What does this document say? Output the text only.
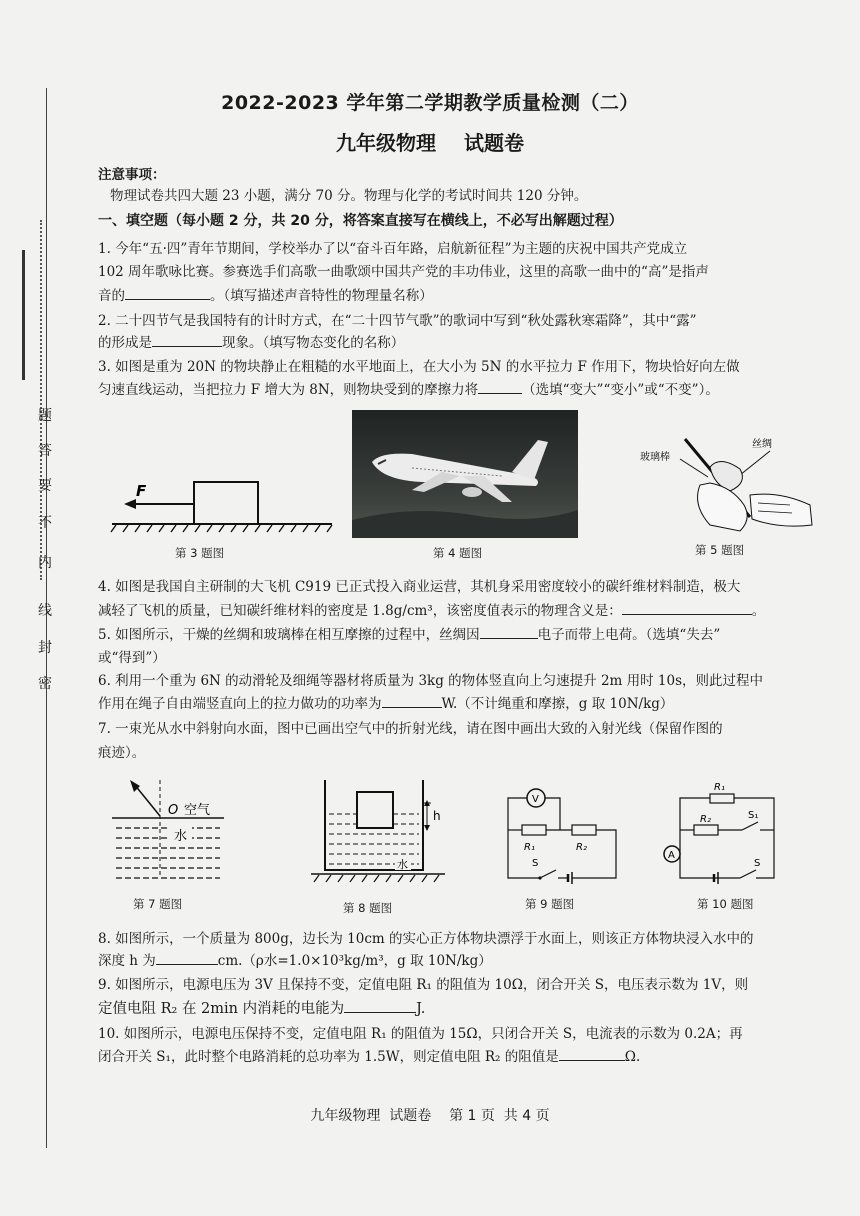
题
答
要
不
内
线
封
密
2022-2023 学年第二学期教学质量检测（二）
九年级物理 试题卷
注意事项：
物理试卷共四大题 23 小题，满分 70 分。物理与化学的考试时间共 120 分钟。
一、填空题（每小题 2 分，共 20 分，将答案直接写在横线上，不必写出解题过程）
1. 今年“五·四”青年节期间，学校举办了以“奋斗百年路，启航新征程”为主题的庆祝中国共产党成立
102 周年歌咏比赛。参赛选手们高歌一曲歌颂中国共产党的丰功伟业，这里的高歌一曲中的“高”是指声
音的	。（填写描述声音特性的物理量名称）
2. 二十四节气是我国特有的计时方式，在“二十四节气歌”的歌词中写到“秋处露秋寒霜降”，其中“露”
的形成是	现象。（填写物态变化的名称）
3. 如图是重为 20N 的物块静止在粗糙的水平地面上，在大小为 5N 的水平拉力 F 作用下，物块恰好向左做
匀速直线运动，当把拉力 F 增大为 8N，则物块受到的摩擦力将	（选填“变大”“变小”或“不变”）。
F
第 3 题图	第 4 题图
玻璃棒
丝绸
第 5 题图
4. 如图是我国自主研制的大飞机 C919 已正式投入商业运营，其机身采用密度较小的碳纤维材料制造，极大
减轻了飞机的质量，已知碳纤维材料的密度是 1.8g/cm³，该密度值表示的物理含义是：	。
5. 如图所示，干燥的丝绸和玻璃棒在相互摩擦的过程中，丝绸因	电子而带上电荷。（选填“失去”
或“得到”）
6. 利用一个重为 6N 的动滑轮及细绳等器材将质量为 3kg 的物体竖直向上匀速提升 2m 用时 10s，则此过程中
作用在绳子自由端竖直向上的拉力做功的功率为	W.（不计绳重和摩擦，g 取 10N/kg）
7. 一束光从水中斜射向水面，图中已画出空气中的折射光线，请在图中画出大致的入射光线（保留作图的
痕迹）。
O 空气
水
第 7 题图
h
水
第 8 题图
V
R₁	R₂
S
第 9 题图
R₁
R₂	S₁
A
S
第 10 题图
8. 如图所示，一个质量为 800g，边长为 10cm 的实心正方体物块漂浮于水面上，则该正方体物块浸入水中的
深度 h 为	cm.（ρ水=1.0×10³kg/m³，g 取 10N/kg）
9. 如图所示，电源电压为 3V 且保持不变，定值电阻 R₁ 的阻值为 10Ω，闭合开关 S，电压表示数为 1V，则
定值电阻 R₂ 在 2min 内消耗的电能为	J.
10. 如图所示，电源电压保持不变，定值电阻 R₁ 的阻值为 15Ω，只闭合开关 S，电流表的示数为 0.2A；再
闭合开关 S₁，此时整个电路消耗的总功率为 1.5W，则定值电阻 R₂ 的阻值是	Ω.
九年级物理  试题卷    第 1 页  共 4 页
